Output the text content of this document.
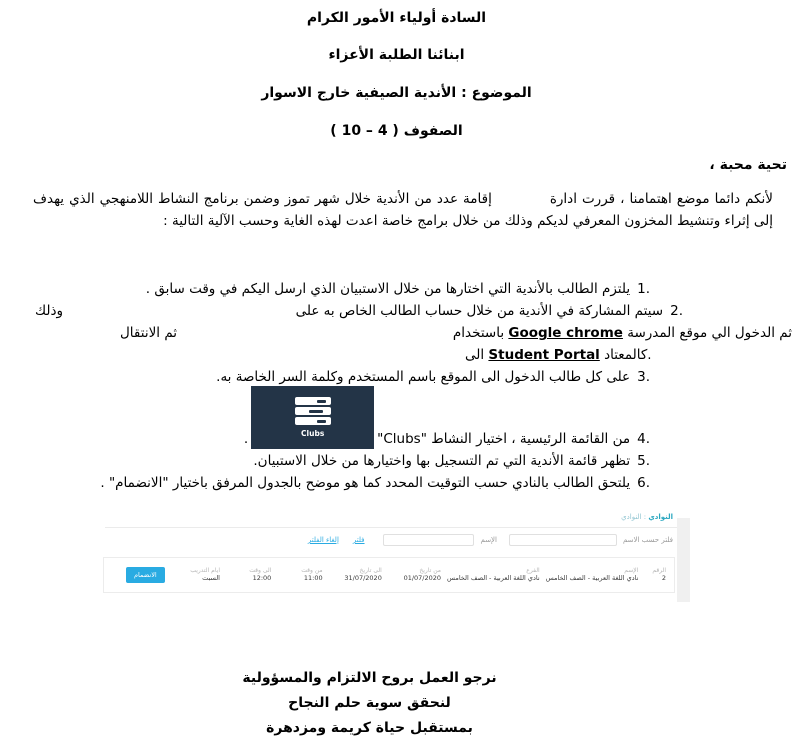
السادة أولياء الأمور الكرام
ابنائنا الطلبة الأعزاء
الموضوع : الأندية الصيفية خارج الاسوار
الصفوف ( 4 – 10 )
تحية محبة ،
لأنكم دائما موضع اهتمامنا ، قررت ادارةإقامة عدد من الأندية خلال شهر تموز وضمن برنامج النشاط اللامنهجي الذي يهدف إلى إثراء وتنشيط المخزون المعرفي لديكم وذلك من خلال برامج خاصة اعدت لهذه الغاية وحسب الآلية التالية :
1.يلتزم الطالب بالأندية التي اختارها من خلال الاستبيان الذي ارسل اليكم في وقت سابق .
2.سيتم المشاركة في الأندية من خلال حساب الطالب الخاص به على
وذلك
ثم الانتقال	باستخدام Google chrome ثم الدخول الي موقع المدرسة
الى Student Portal كالمعتاد.
3.على كل طالب الدخول الى الموقع باسم المستخدم وكلمة السر الخاصة به.
4.من القائمة الرئيسية ، اختيار النشاط "Clubs"
Clubs
.
5.تظهر قائمة الأندية التي تم التسجيل بها واختيارها من خلال الاستبيان.
6.يلتحق الطالب بالنادي حسب التوقيت المحدد كما هو موضح بالجدول المرفق باختيار "الانضمام" .
النوادي : النوادي
فلتر حسب الاسم
الإسم
فلتر
إلغاء الفلتر
الرقم
2
الإسم
نادي اللغة العربية - الصف الخامس
الفرع
نادي اللغة العربية - الصف الخامس
من تاريخ
01/07/2020
الى تاريخ
31/07/2020
من وقت
11:00
الى وقت
12:00
ايام التدريب
السبت
الانضمام
نرجو العمل بروح الالتزام والمسؤولية
لنحقق سوية حلم النجاح
بمستقبل حياة كريمة ومزدهرة
